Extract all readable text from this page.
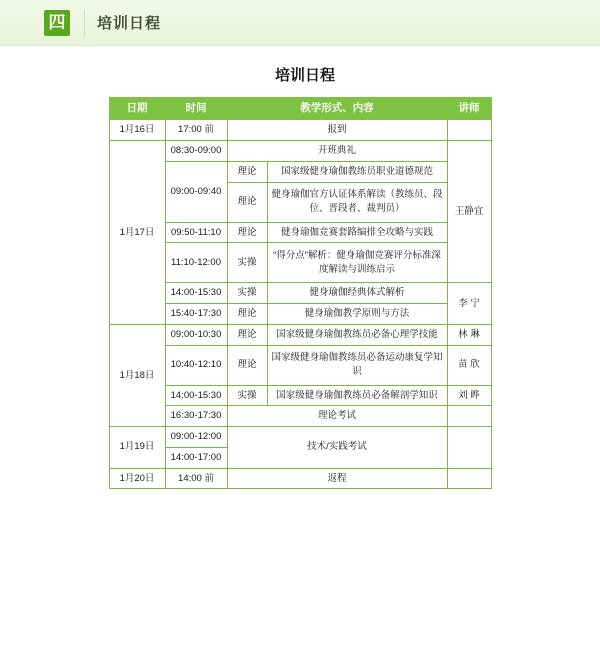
四	培训日程
培训日程
日期	时间	教学形式、内容		讲师
1月16日	17:00 前	报到		
1月17日	08:30-09:00	开班典礼		王静宜
	09:00-09:40	理论	国家级健身瑜伽教练员职业道德规范	
		理论	健身瑜伽官方认证体系解读（教练员、段位、晋段者、裁判员）	
	09:50-11:10	理论	健身瑜伽竞赛套路编排全攻略与实践	
	11:10-12:00	实操	“得分点”解析：健身瑜伽竞赛评分标准深度解读与训练启示	
	14:00-15:30	实操	健身瑜伽经典体式解析	李 宁
	15:40-17:30	理论	健身瑜伽教学原则与方法	
1月18日	09:00-10:30	理论	国家级健身瑜伽教练员必备心理学技能	林 琳
	10:40-12:10	理论	国家级健身瑜伽教练员必备运动康复学知识	苗 欣
	14:00-15:30	实操	国家级健身瑜伽教练员必备解剖学知识	刘 晔
	16:30-17:30	理论考试		
1月19日	09:00-12:00	技术/实践考试		
	14:00-17:00			
1月20日	14:00 前	返程		
